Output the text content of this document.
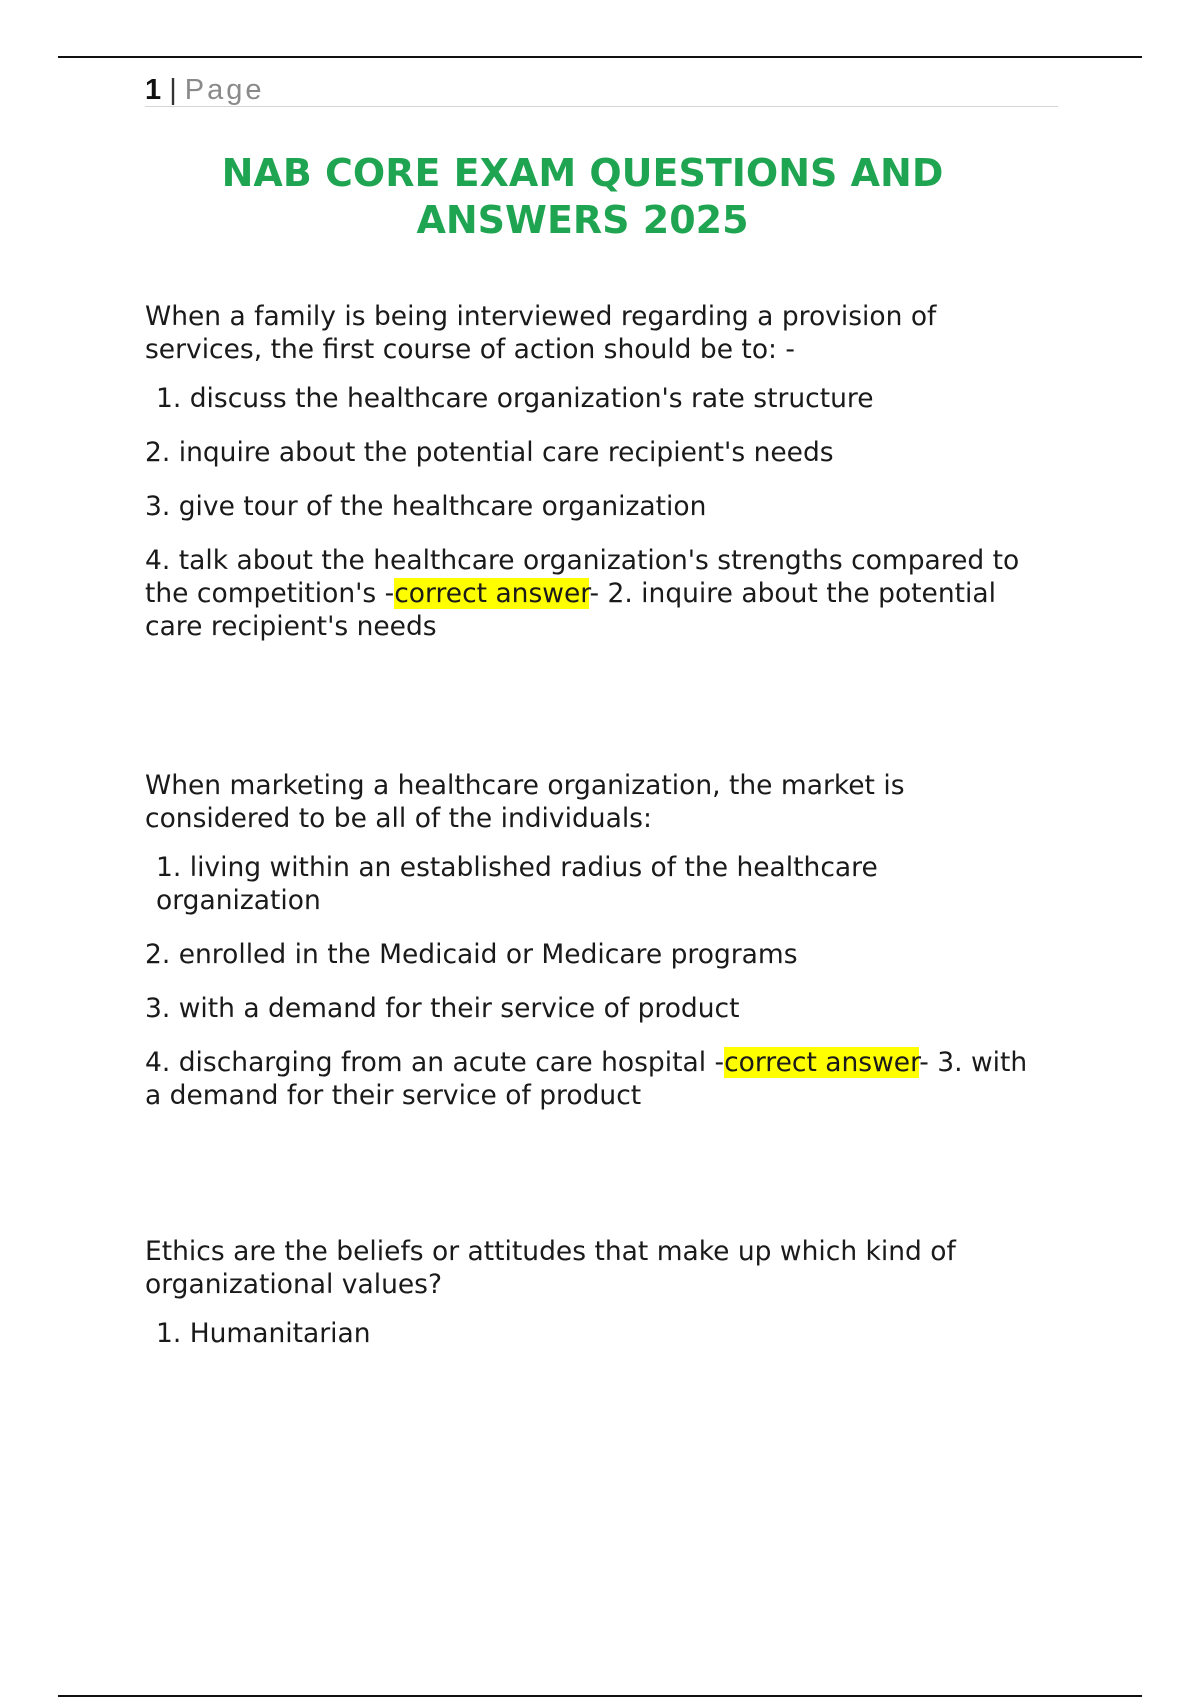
1 | Page
NAB CORE EXAM QUESTIONS AND
ANSWERS 2025

When a family is being interviewed regarding a provision of services, the first course of action should be to: -

1. discuss the healthcare organization's rate structure

2. inquire about the potential care recipient's needs

3. give tour of the healthcare organization

4. talk about the healthcare organization's strengths compared to the competition's -correct answer- 2. inquire about the potential care recipient's needs

When marketing a healthcare organization, the market is considered to be all of the individuals:

1. living within an established radius of the healthcare organization

2. enrolled in the Medicaid or Medicare programs

3. with a demand for their service of product

4. discharging from an acute care hospital -correct answer- 3. with a demand for their service of product

Ethics are the beliefs or attitudes that make up which kind of organizational values?

1. Humanitarian
